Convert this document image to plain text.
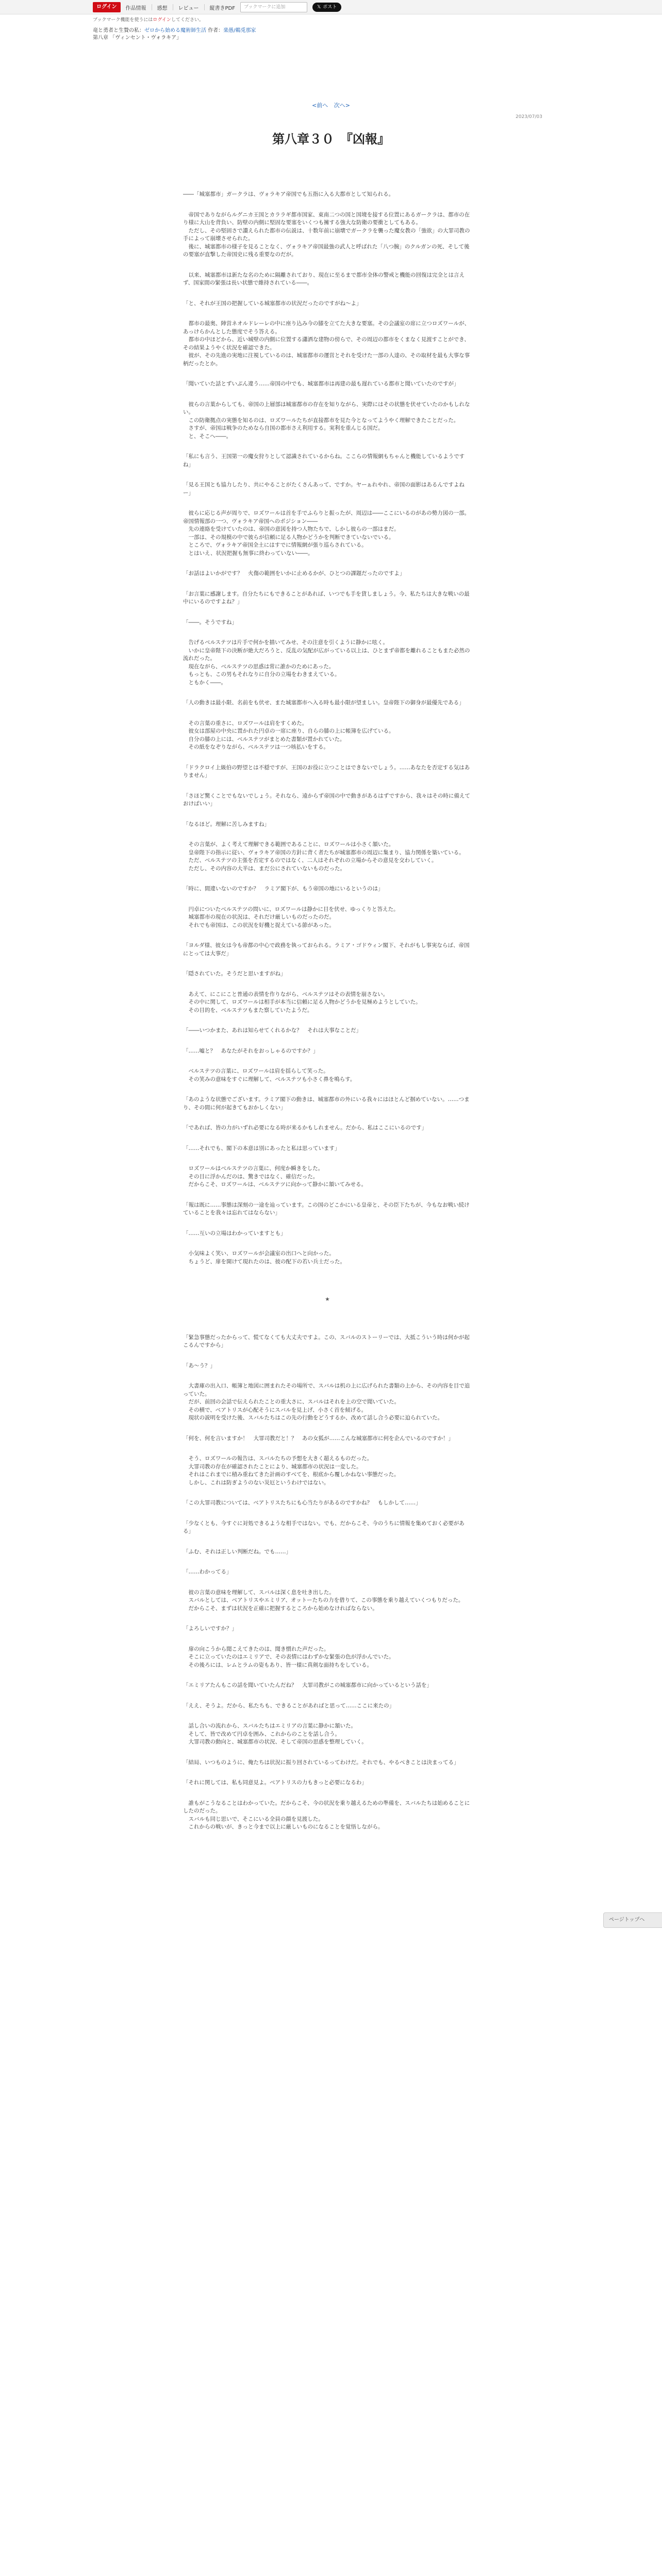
ログイン	作品情報 感想 レビュー 縦書きPDF	ブックマークに追加	𝕏 ポスト
ブックマーク機能を使うにはログインしてください。
竜と勇者と生贄の私：ゼロから始める魔術師生活 作者：楽愚/鵜兎那家
第八章 「ヴィンセント・ヴォラキア」
<前へ 次へ>
2023/07/03
第八章３０　『凶報』

――「城塞都市」ガークラは、ヴォラキア帝国でも五指に入る大都市として知られる。

　帝国でありながらルグニカ王国とカララギ都市国家、東南二つの国と国境を接する位置にあるガークラは、都市の在り様に大山を背負い、防壁の内側に堅固な要塞をいくつも擁する強大な防衛の要衝としてもある。

　ただし、その堅固さで讃えられた都市の伝説は、十数年前に崩壊でガークラを襲った魔女教の「強欲」の大罪司教の手によって崩壊させられた。

　後に、城塞都市の様子を見ることなく、ヴォラキア帝国最強の武人と呼ばれた「八つ腕」のクルガンの死、そして後の要塞が直撃した帝国史に残る重要なのだが。

　以来、城塞都市は新たな名のために隔離されており、現在に至るまで都市全体の警戒と機能の回復は完全とは言えず、国家間の緊張は長い状態で維持されている――。

「と、それが王国の把握している城塞都市の状況だったのですがね～よ」

　都市の最奥、陣営ネオルドレーレの中に座り込み今の膝を立てた大きな要塞。その会議室の席に立つロズワールが、あっけらかんとした態度でそう答える。

　都市の中ほどから、近い城壁の内側に位置する瀟洒な建物の傍らで、その周辺の都市をくまなく見渡すことができ、その結果ようやく状況を確認できた。

　彼が、その先進の実地に注視しているのは、城塞都市の運営とそれを受けた一部の人達の、その取材を最も大事な事柄だったとか。

「聞いていた話とずいぶん違う……帝国の中でも、城塞都市は再建の最も遅れている都市と聞いていたのですが」

　彼らの言葉からしても、帝国の上層部は城塞都市の存在を知りながら、実際にはその状態を伏せていたのかもしれない。

　この防衛拠点の実態を知るのは、ロズワールたちが直接都市を見た今となってようやく理解できたことだった。

　さすが、帝国は戦争のためなら自国の都市さえ利用する。実利を重んじる国だ。

　と、そこへ――。

「私にも言う、王国第一の魔女狩りとして認識されているからね。ここらの情報網もちゃんと機能しているようですね」

「見る王国とも協力したり、共にやることがたくさんあって、ですか。ヤーぁれやれ、帝国の面影はあるんですよねー」

　彼らに応じる声が周りで、ロズワールは首を手でふらりと振ったが、周辺は――ここにいるのがあの勢力図の一部。帝国情報部の一つ、ヴォラキア帝国へのポジション――

　先の連絡を受けていたのは、帝国の意図を持つ人物たちで、しかし彼らの一部はまだ。

　一部は、その規模の中で彼らが信頼に足る人物かどうかを判断できていないでいる。

　ところで、ヴォラキア帝国全土にはすでに情報網が張り巡らされている。

　とはいえ、状況把握も無事に終わっていない――。

「お話はよいかがです？　火傷の範囲をいかに止めるかが、ひとつの課題だったのですよ」

「お言葉に感謝します。自分たちにもできることがあれば、いつでも手を貸しましょう。今、私たちは大きな戦いの最中にいるのですよね？」

「――。そうですね」

　告げるベルステツは片手で何かを描いてみせ、その注意を引くように静かに呟く。

　いかに皇帝陛下の決断が絶大だろうと、反乱の気配が広がっている以上は、ひとまず帝都を離れることもまた必然の流れだった。

　現在ながら、ベルステツの思惑は常に誰かのためにあった。

　もっとも、この男もそれなりに自分の立場をわきまえている。

　ともかく――。

「人の動きは最小限、名前をも伏せ、また城塞都市へ入る時も最小限が望ましい。皇帝陛下の御身が最優先である」

　その言葉の重さに、ロズワールは肩をすくめた。

　彼女は部屋の中央に置かれた円卓の一席に座り、自らの膝の上に帳簿を広げている。

　自分の膝の上には、ベルステツがまとめた書類が置かれていた。

　その紙をなぞりながら、ベルステツは一つ咳払いをする。

「ドラクロイ上級伯の野望とは不穏ですが、王国のお役に立つことはできないでしょう。……あなたを否定する気はありません」

「さほど驚くことでもないでしょう。それなら、遠からず帝国の中で動きがあるはずですから、我々はその時に備えておけばいい」

「なるほど。理解に苦しみますね」

　その言葉が、よく考えて理解できる範囲であることに、ロズワールは小さく頷いた。

　皇帝陛下の指示に従い、ヴォラキア帝国の方針に背く者たちが城塞都市の周辺に集まり、協力関係を築いている。

　ただ、ベルステツの主張を否定するのではなく、二人はそれぞれの立場からその意見を交わしていく。

　ただし、その内容の大半は、まだ公にされていないものだった。

「時に、間違いないのですか？　ラミア閣下が、もう帝国の地にいるというのは」

　円卓についたベルステツの問いに、ロズワールは静かに目を伏せ、ゆっくりと答えた。

　城塞都市の現在の状況は、それだけ厳しいものだったのだ。

　それでも帝国は、この状況を好機と捉えている節があった。

「ヨルダ様、彼女は今も帝都の中心で政務を執っておられる。ラミア・ゴドウィン閣下、それがもし事実ならば、帝国にとっては大事だ」

「隠されていた。そうだと思いますがね」

　あえて、にこにこと普通の表情を作りながら、ベルステツはその表情を崩さない。

　その中に関して、ロズワールは相手が本当に信頼に足る人物かどうかを見極めようとしていた。

　その目的を、ベルステツもまた察していたようだ。

「――いつかまた、あれは知らせてくれるかな？　それは大事なことだ」

「……嘘と？　あなたがそれをおっしゃるのですか？」

　ベルステツの言葉に、ロズワールは肩を揺らして笑った。

　その笑みの意味をすぐに理解して、ベルステツも小さく鼻を鳴らす。

「あのような状態でございます。ラミア閣下の動きは、城塞都市の外にいる我々にはほとんど掴めていない。……つまり、その間に何が起きてもおかしくない」

「であれば、皆の力がいずれ必要になる時が来るかもしれません。だから、私はここにいるのです」

「……それでも、閣下の本意は別にあったと私は思っています」

　ロズワールはベルステツの言葉に、何度か瞬きをした。

　その目に浮かんだのは、驚きではなく、確信だった。

　だからこそ、ロズワールは、ベルステツに向かって静かに頷いてみせる。

「報は既に……事態は深刻の一途を辿っています。この国のどこかにいる皇帝と、その臣下たちが、今もなお戦い続けていることを我々は忘れてはならない」

「……互いの立場はわかっていますとも」

　小気味よく笑い、ロズワールが会議室の出口へと向かった。

　ちょうど、扉を開けて現れたのは、彼の配下の若い兵士だった。

★

「緊急事態だったからって、慌てなくても大丈夫ですよ。この、スバルのストーリーでは、大抵こういう時は何かが起こるんですから」

「あ～う？」

　大書庫の出入口、帳簿と地図に囲まれたその場所で、スバルは机の上に広げられた書類の上から、その内容を目で追っていた。

　だが、前回の会話で伝えられたことの重大さに、スバルはそれを上の空で聞いていた。

　その横で、ベアトリスが心配そうにスバルを見上げ、小さく首を傾げる。

　現状の説明を受けた後、スバルたちはこの先の行動をどうするか、改めて話し合う必要に迫られていた。

「何を、何を言いますか！　大罪司教だと！？　あの女狐が……こんな城塞都市に何を企んでいるのですか！」

　そう、ロズワールの報告は、スバルたちの予想を大きく超えるものだった。

　大罪司教の存在が確認されたことにより、城塞都市の状況は一変した。

　それはこれまでに積み重ねてきた計画のすべてを、根底から覆しかねない事態だった。

　しかし、これは防ぎようのない災厄というわけではない。

「この大罪司教については、ベアトリスたちにも心当たりがあるのですかね？　もしかして……」

「少なくとも、今すぐに対処できるような相手ではない。でも、だからこそ、今のうちに情報を集めておく必要がある」

「ふむ、それは正しい判断だね。でも……」

「……わかってる」

　彼の言葉の意味を理解して、スバルは深く息を吐き出した。

　スバルとしては、ベアトリスやエミリア、オットーたちの力を借りて、この事態を乗り越えていくつもりだった。

　だからこそ、まずは状況を正確に把握するところから始めなければならない。

「よろしいですか？」

　扉の向こうから聞こえてきたのは、聞き慣れた声だった。

　そこに立っていたのはエミリアで、その表情にはわずかな緊張の色が浮かんでいた。

　その後ろには、レムとラムの姿もあり、皆一様に真剣な面持ちをしている。

「エミリアたんもこの話を聞いていたんだね？　大罪司教がこの城塞都市に向かっているという話を」

「ええ、そうよ。だから、私たちも、できることがあればと思って……ここに来たの」

　話し合いの流れから、スバルたちはエミリアの言葉に静かに頷いた。

　そして、皆で改めて円卓を囲み、これからのことを話し合う。

　大罪司教の動向と、城塞都市の状況、そして帝国の思惑を整理していく。

「結局、いつものように、俺たちは状況に振り回されているってわけだ。それでも、やるべきことは決まってる」

「それに関しては、私も同意見よ。ベアトリスの力もきっと必要になるわ」

　誰もがこうなることはわかっていた。だからこそ、今の状況を乗り越えるための準備を、スバルたちは始めることにしたのだった。

　スバルも同じ思いで、そこにいる全員の顔を見渡した。

　これからの戦いが、きっと今まで以上に厳しいものになることを覚悟しながら。

ページトップへ
